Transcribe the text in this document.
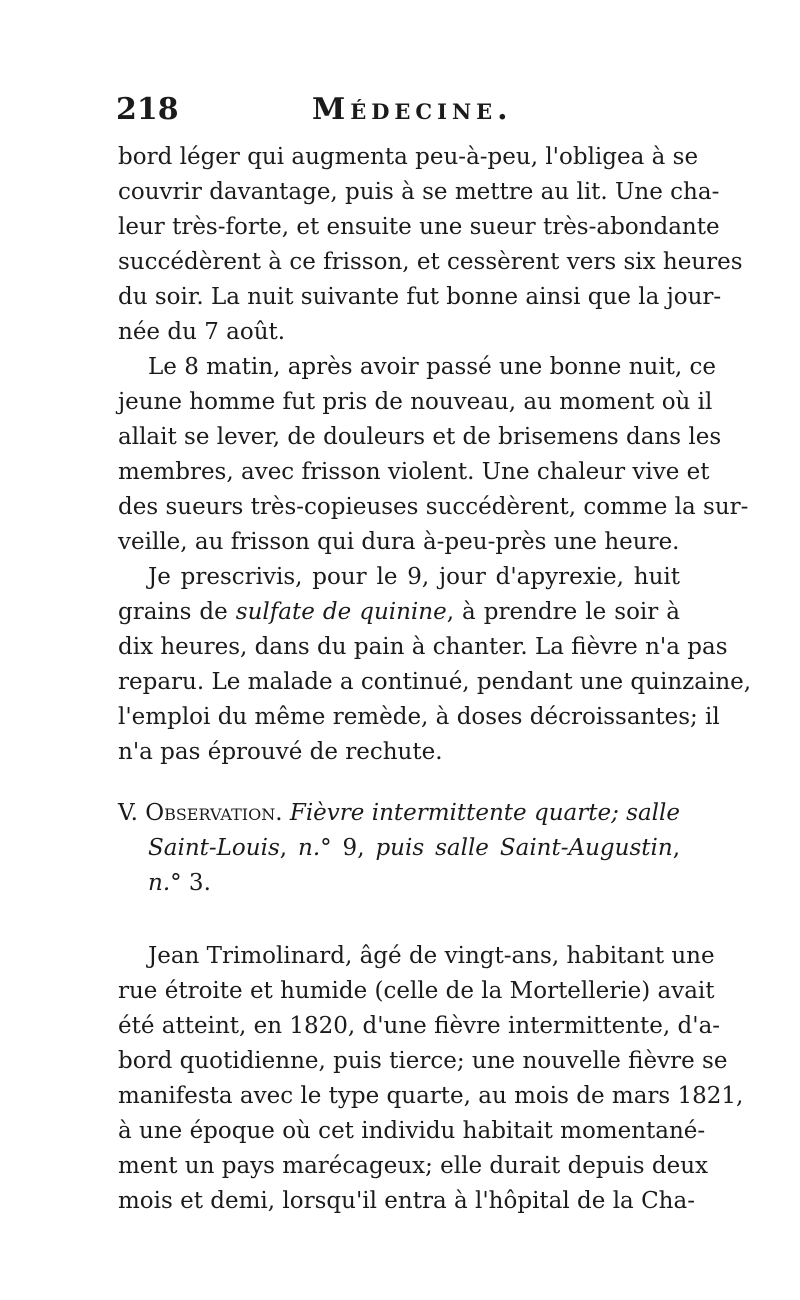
218	Médecine.
bord léger qui augmenta peu-à-peu, l'obligea à se
couvrir davantage, puis à se mettre au lit. Une cha-
leur très-forte, et ensuite une sueur très-abondante
succédèrent à ce frisson, et cessèrent vers six heures
du soir. La nuit suivante fut bonne ainsi que la jour-
née du 7 août.
Le 8 matin, après avoir passé une bonne nuit, ce
jeune homme fut pris de nouveau, au moment où il
allait se lever, de douleurs et de brisemens dans les
membres, avec frisson violent. Une chaleur vive et
des sueurs très-copieuses succédèrent, comme la sur-
veille, au frisson qui dura à-peu-près une heure.
Je prescrivis, pour le 9, jour d'apyrexie, huit
grains de sulfate de quinine, à prendre le soir à
dix heures, dans du pain à chanter. La fièvre n'a pas
reparu. Le malade a continué, pendant une quinzaine,
l'emploi du même remède, à doses décroissantes; il
n'a pas éprouvé de rechute.
V. Observation. Fièvre intermittente quarte; salle
Saint-Louis, n.° 9, puis salle Saint-Augustin,
n.° 3.
Jean Trimolinard, âgé de vingt-ans, habitant une
rue étroite et humide (celle de la Mortellerie) avait
été atteint, en 1820, d'une fièvre intermittente, d'a-
bord quotidienne, puis tierce; une nouvelle fièvre se
manifesta avec le type quarte, au mois de mars 1821,
à une époque où cet individu habitait momentané-
ment un pays marécageux; elle durait depuis deux
mois et demi, lorsqu'il entra à l'hôpital de la Cha-
